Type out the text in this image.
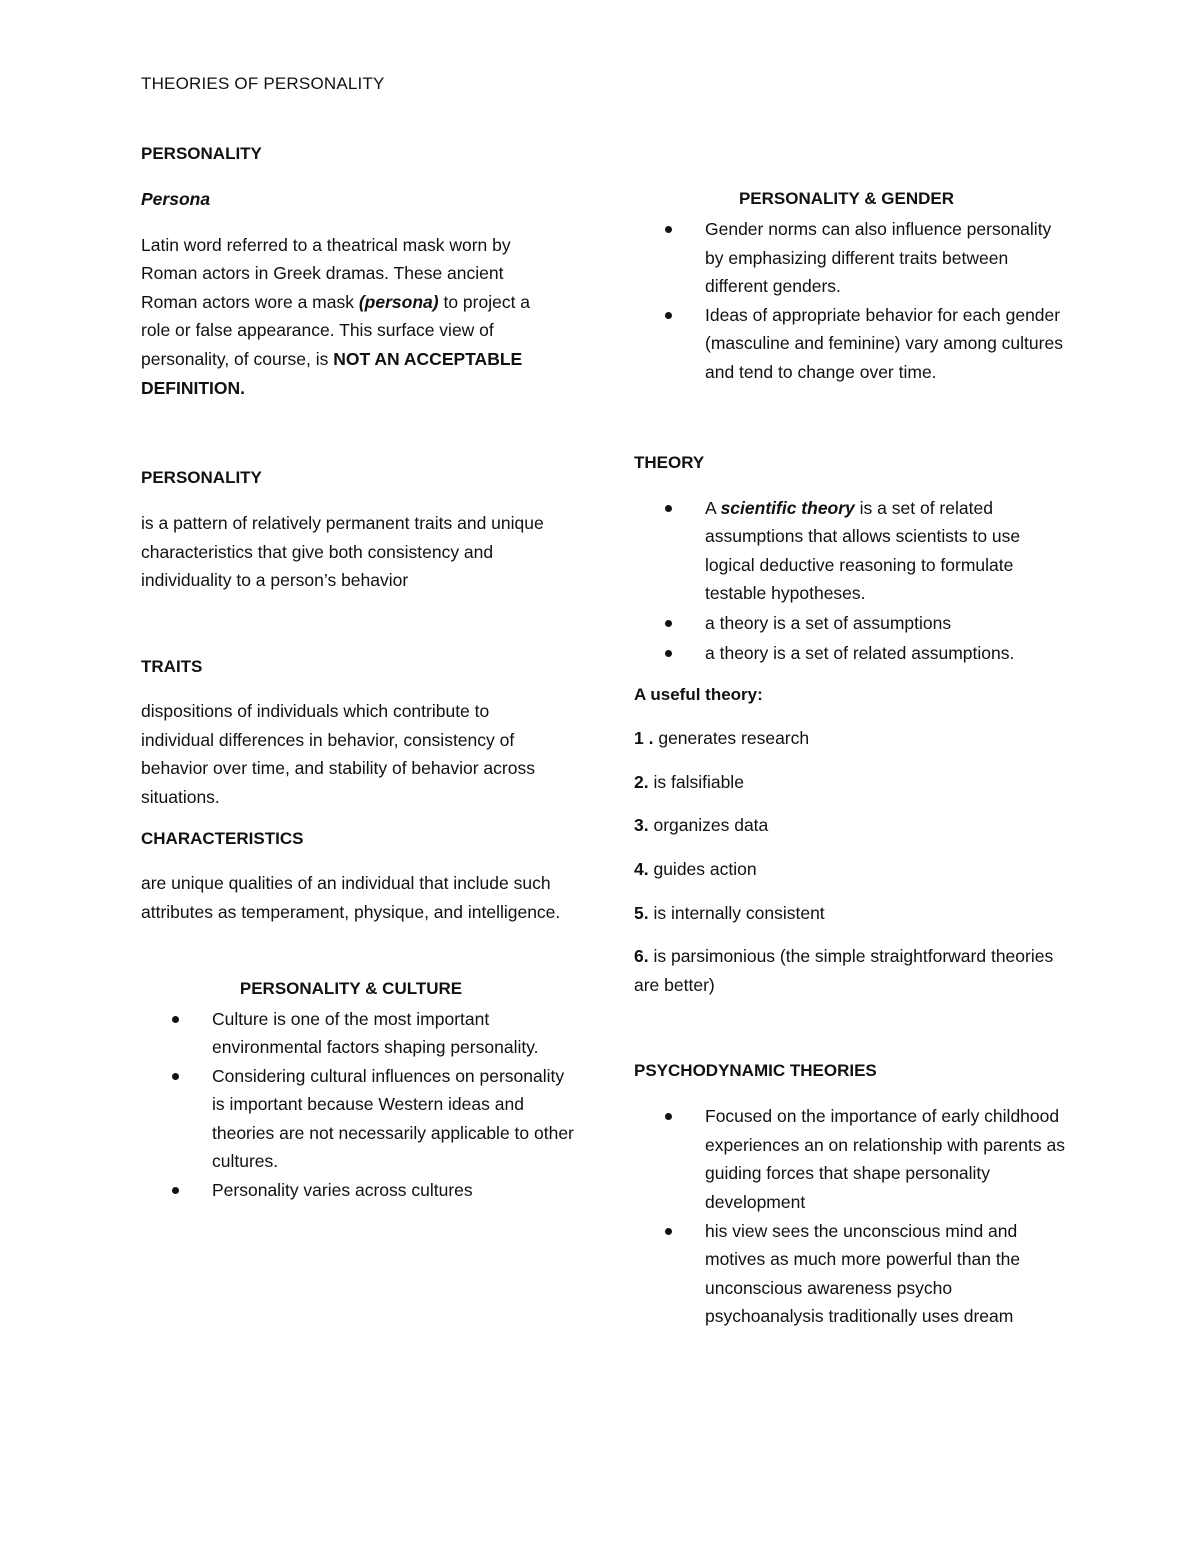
THEORIES OF PERSONALITY
PERSONALITY
Persona
Latin word referred to a theatrical mask worn by Roman actors in Greek dramas. These ancient Roman actors wore a mask (persona) to project a role or false appearance. This surface view of personality, of course, is NOT AN ACCEPTABLE DEFINITION.
PERSONALITY
is a pattern of relatively permanent traits and unique characteristics that give both consistency and individuality to a person’s behavior
TRAITS
dispositions of individuals which contribute to individual differences in behavior, consistency of behavior over time, and stability of behavior across situations.
CHARACTERISTICS
are unique qualities of an individual that include such attributes as temperament, physique, and intelligence.
PERSONALITY & CULTURE
Culture is one of the most important environmental factors shaping personality.
Considering cultural influences on personality is important because Western ideas and theories are not necessarily applicable to other cultures.
Personality varies across cultures
PERSONALITY & GENDER
Gender norms can also influence personality by emphasizing different traits between different genders.
Ideas of appropriate behavior for each gender (masculine and feminine) vary among cultures and tend to change over time.
THEORY
A scientific theory is a set of related assumptions that allows scientists to use logical deductive reasoning to formulate testable hypotheses.
a theory is a set of assumptions
a theory is a set of related assumptions.
A useful theory:
1 . generates research
2. is falsifiable
3. organizes data
4. guides action
5. is internally consistent
6. is parsimonious (the simple straightforward theories are better)
PSYCHODYNAMIC THEORIES
Focused on the importance of early childhood experiences an on relationship with parents as guiding forces that shape personality development
his view sees the unconscious mind and motives as much more powerful than the unconscious awareness psycho psychoanalysis traditionally uses dream
